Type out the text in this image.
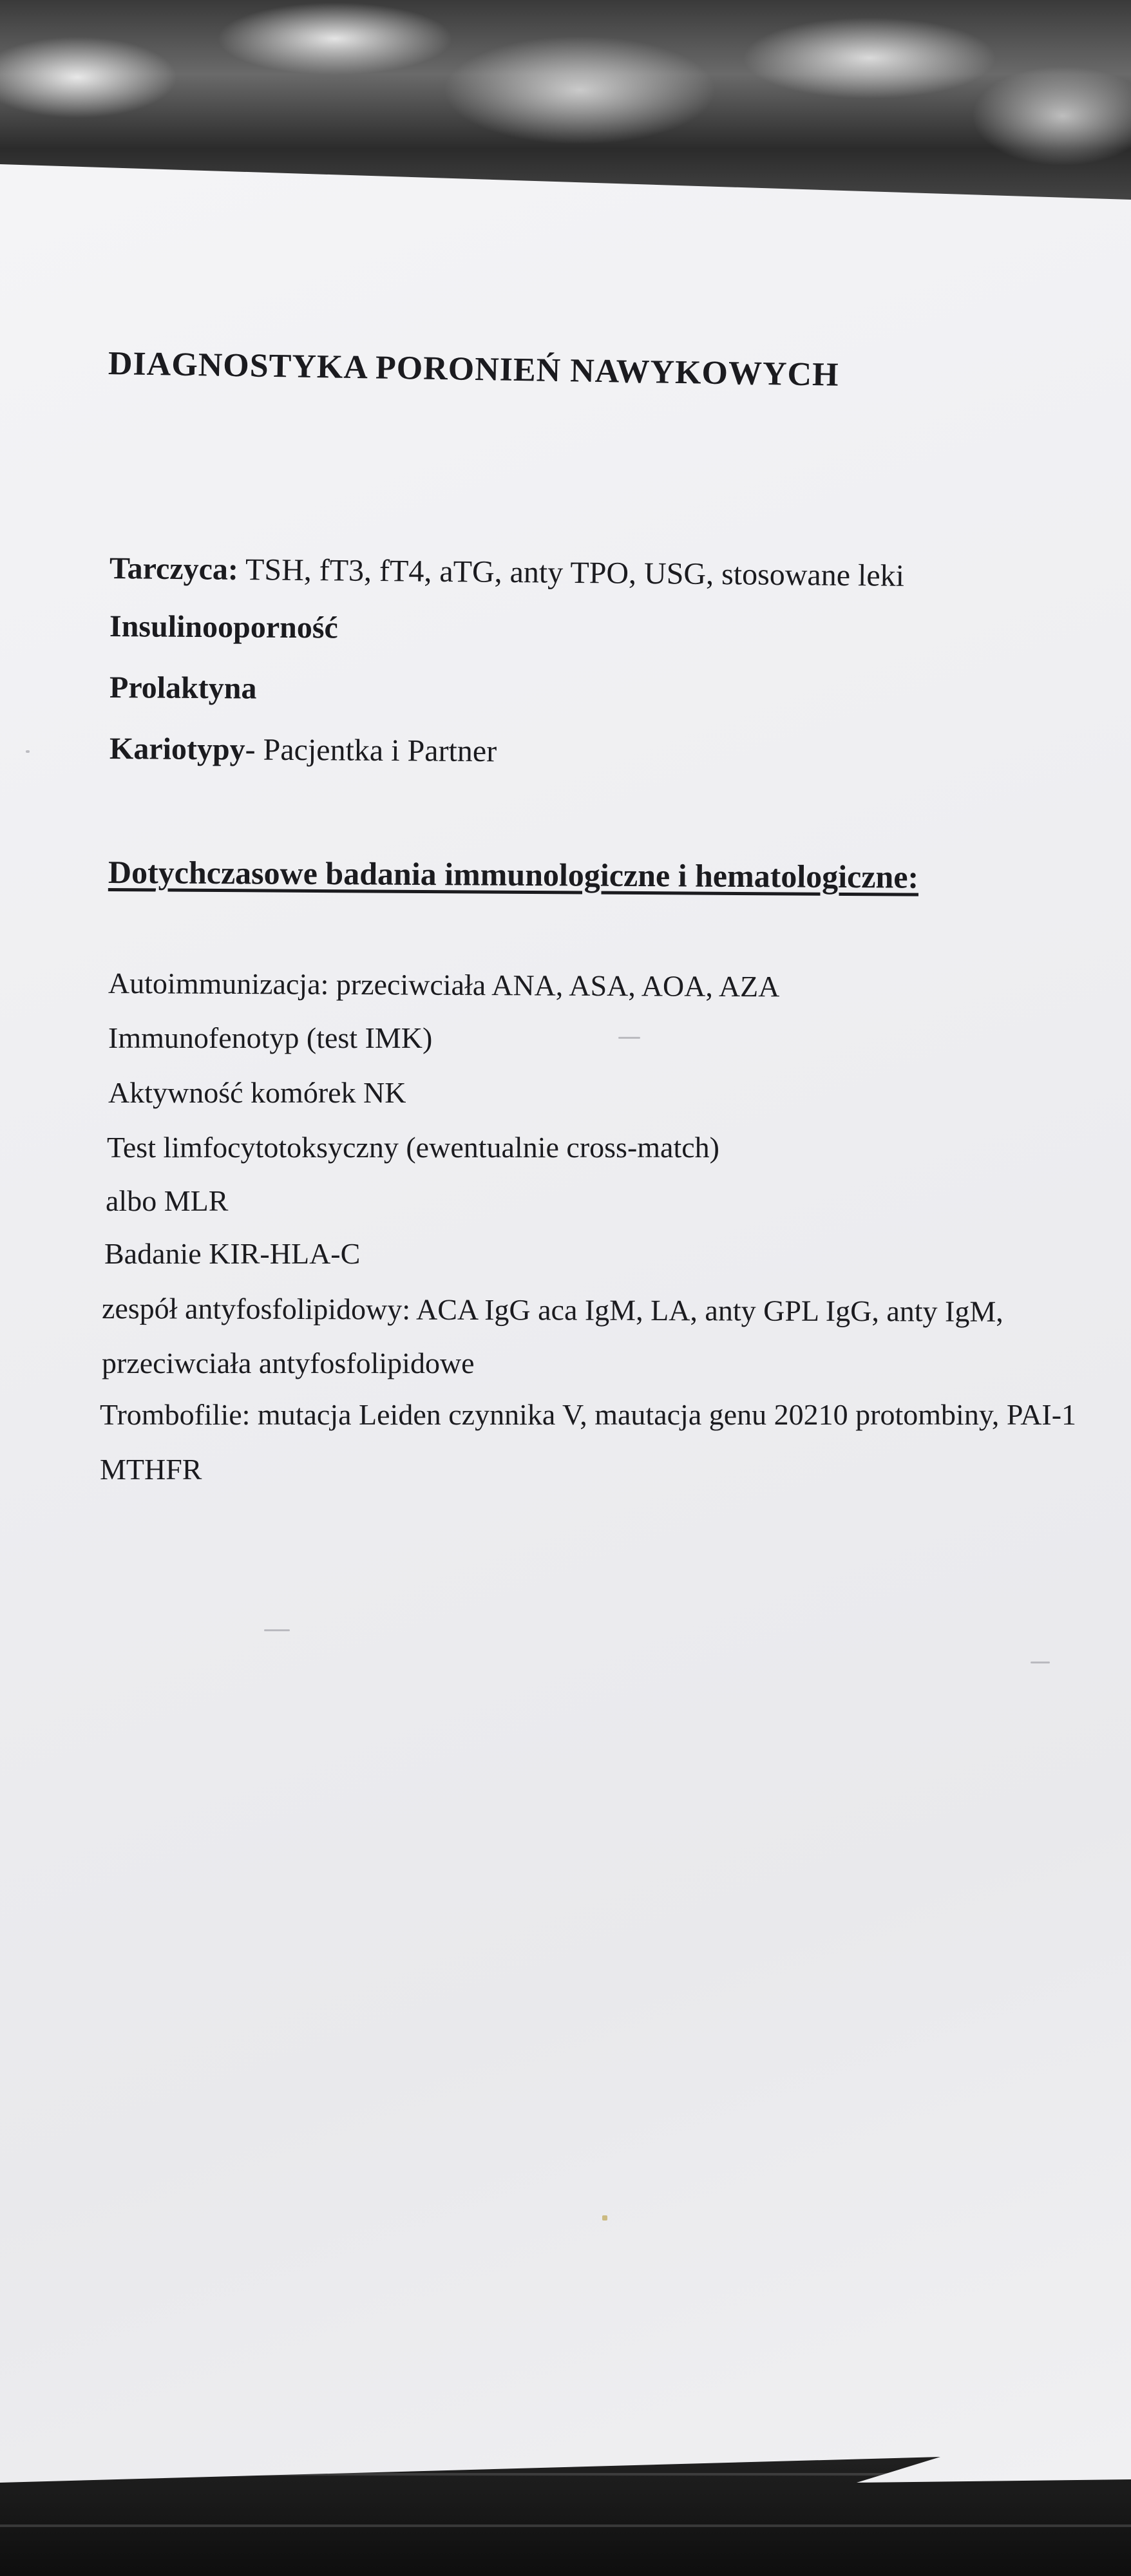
DIAGNOSTYKA PORONIEŃ NAWYKOWYCH
Tarczyca: TSH, fT3, fT4, aTG, anty TPO, USG, stosowane leki
Insulinooporność
Prolaktyna
Kariotypy- Pacjentka i Partner
Dotychczasowe badania immunologiczne i hematologiczne:
Autoimmunizacja: przeciwciała ANA, ASA, AOA, AZA
Immunofenotyp (test IMK)
Aktywność komórek NK
Test limfocytotoksyczny (ewentualnie cross-match)
albo MLR
Badanie KIR-HLA-C
zespół antyfosfolipidowy: ACA IgG aca IgM, LA, anty GPL IgG, anty IgM,
przeciwciała antyfosfolipidowe
Trombofilie: mutacja Leiden czynnika V, mautacja genu 20210 protombiny, PAI-1
MTHFR
